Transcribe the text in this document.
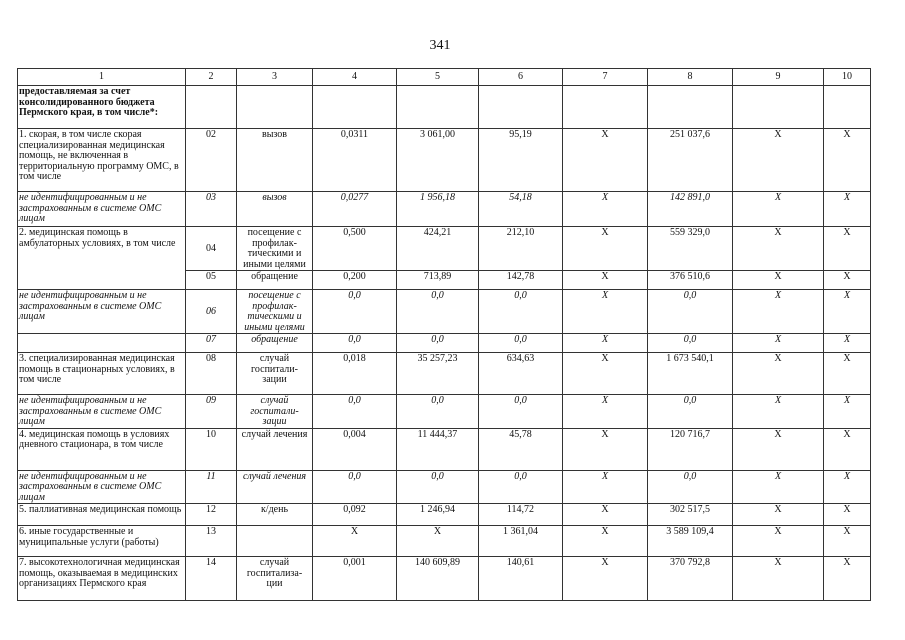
341
1	2	3	4	5	6	7	8	9	10
предоставляемая за счет консолидированного бюджета Пермского края, в том числе*:									
1. скорая, в том числе скорая специализированная медицинская помощь, не включенная в территориальную программу ОМС, в том числе	02	вызов	0,0311	3 061,00	95,19	X	251 037,6	X	X
не идентифицированным и не застрахованным в системе ОМС лицам	03	вызов	0,0277	1 956,18	54,18	X	142 891,0	X	X
2. медицинская помощь в амбулаторных условиях, в том числе	04	посещение с профилак-тическими и иными целями	0,500	424,21	212,10	X	559 329,0	X	X
	05	обращение	0,200	713,89	142,78	X	376 510,6	X	X
не идентифицированным и не застрахованным в системе ОМС лицам	06	посещение с профилак-тическими и иными целями	0,0	0,0	0,0	X	0,0	X	X
	07	обращение	0,0	0,0	0,0	X	0,0	X	X
3. специализированная медицинская помощь в стационарных условиях, в том числе	08	случай госпитали-зации	0,018	35 257,23	634,63	X	1 673 540,1	X	X
не идентифицированным и не застрахованным в системе ОМС лицам	09	случай госпитали-зации	0,0	0,0	0,0	X	0,0	X	X
4. медицинская помощь в условиях дневного стационара, в том числе	10	случай лечения	0,004	11 444,37	45,78	X	120 716,7	X	X
не идентифицированным и не застрахованным в системе ОМС лицам	11	случай лечения	0,0	0,0	0,0	X	0,0	X	X
5. паллиативная медицинская помощь	12	к/день	0,092	1 246,94	114,72	X	302 517,5	X	X
6. иные государственные и муниципальные услуги (работы)	13		X	X	1 361,04	X	3 589 109,4	X	X
7. высокотехнологичная медицинская помощь, оказываемая в медицинских организациях Пермского края	14	случай госпитализа-ции	0,001	140 609,89	140,61	X	370 792,8	X	X
